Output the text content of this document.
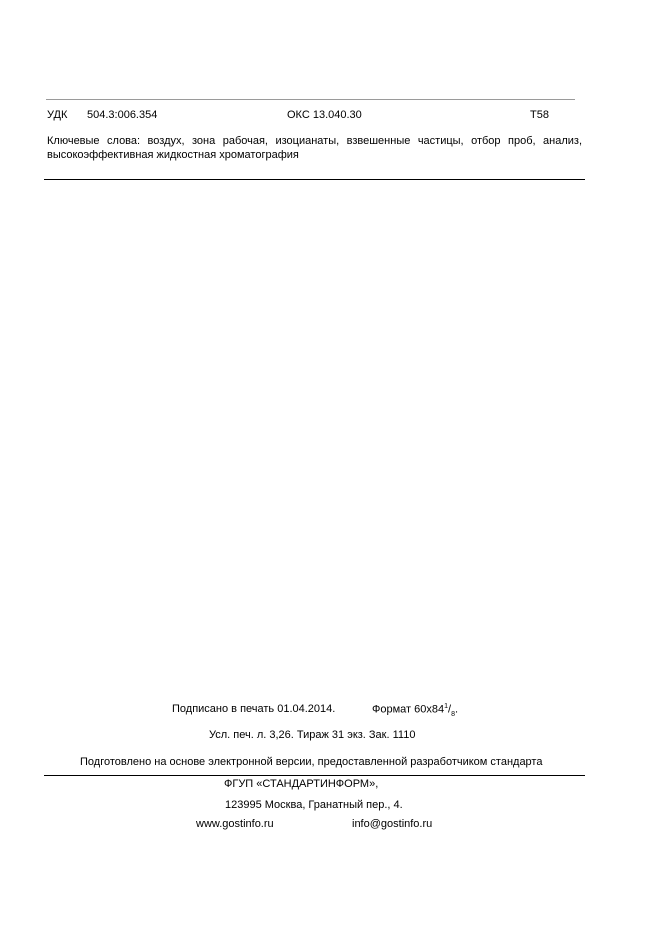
УДК 504.3:006.354	ОКС 13.040.30	Т58
Ключевые слова: воздух, зона рабочая, изоцианаты, взвешенные частицы, отбор проб, анализ, высокоэффективная жидкостная хроматография
Подписано в печать 01.04.2014.	Формат $60x84^1/_8$.
Усл. печ. л. 3,26. Тираж 31 экз. Зак. 1110
Подготовлено на основе электронной версии, предоставленной разработчиком стандарта
ФГУП «СТАНДАРТИНФОРМ»,
123995 Москва, Гранатный пер., 4.
www.gostinfo.ru	info@gostinfo.ru
